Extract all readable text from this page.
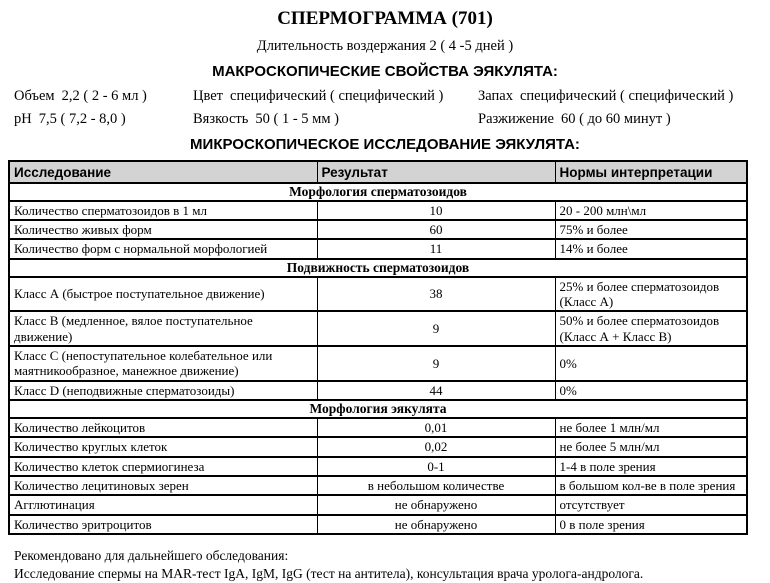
СПЕРМОГРАММА (701)
Длительность воздержания 2 ( 4 -5 дней )
МАКРОСКОПИЧЕСКИЕ СВОЙСТВА ЭЯКУЛЯТА:
Объем 2,2 ( 2 - 6 мл )	Цвет специфический ( специфический )	Запах специфический ( специфический )
pH 7,5 ( 7,2 - 8,0 )	Вязкость 50 ( 1 - 5 мм )	Разжижение 60 ( до 60 минут )
МИКРОСКОПИЧЕСКОЕ ИССЛЕДОВАНИЕ ЭЯКУЛЯТА:
Исследование	Результат	Нормы интерпретации
Морфология сперматозоидов		
Количество сперматозоидов в 1 мл	10	20 - 200 млн\мл
Количество живых форм	60	75% и более
Количество форм с нормальной морфологией	11	14% и более
Подвижность сперматозоидов		
Класс А (быстрое поступательное движение)	38	25% и более сперматозоидов (Класс А)
Класс В (медленное, вялое поступательное движение)	9	50% и более сперматозоидов (Класс А + Класс В)
Класс С (непоступательное колебательное или маятникообразное, манежное движение)	9	0%
Класс D (неподвижные сперматозоиды)	44	0%
Морфология эякулята		
Количество лейкоцитов	0,01	не более 1 млн/мл
Количество круглых клеток	0,02	не более 5 млн/мл
Количество клеток спермиогинеза	0-1	1-4 в поле зрения
Количество лецитиновых зерен	в небольшом количестве	в большом кол-ве в поле зрения
Агглютинация	не обнаружено	отсутствует
Количество эритроцитов	не обнаружено	0 в поле зрения
Рекомендовано для дальнейшего обследования:
Исследование спермы на MAR-тест IgA, IgM, IgG (тест на антитела), консультация врача уролога-андролога.
